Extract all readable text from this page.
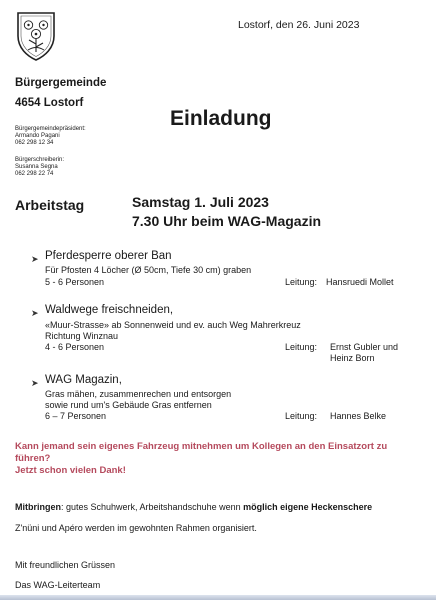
Lostorf, den 26. Juni 2023
Bürgergemeinde
4654 Lostorf
Bürgergemeindepräsident:
Armando Pagani
062 298 12 34
Bürgerschreiberin:
Susanna Segna
062 298 22 74
Einladung
Arbeitstag	Samstag 1. Juli 2023
7.30 Uhr beim WAG-Magazin
➤ Pferdesperre oberer Ban
Für Pfosten 4 Löcher (Ø 50cm, Tiefe 30 cm) graben
5 - 6 Personen	Leitung: Hansruedi Mollet
➤ Waldwege freischneiden,
«Muur-Strasse» ab Sonnenweid und ev. auch Weg Mahrerkreuz
Richtung Winznau
4 - 6 Personen	Leitung: Ernst Gubler und
Heinz Born
➤ WAG Magazin,
Gras mähen, zusammenrechen und entsorgen
sowie rund um's Gebäude Gras entfernen
6 – 7 Personen	Leitung: Hannes Belke
Kann jemand sein eigenes Fahrzeug mitnehmen um Kollegen an den Einsatzort zu
führen?
Jetzt schon vielen Dank!
Mitbringen: gutes Schuhwerk, Arbeitshandschuhe wenn möglich eigene Heckenschere
Z'nüni und Apéro werden im gewohnten Rahmen organisiert.
Mit freundlichen Grüssen
Das WAG-Leiterteam
